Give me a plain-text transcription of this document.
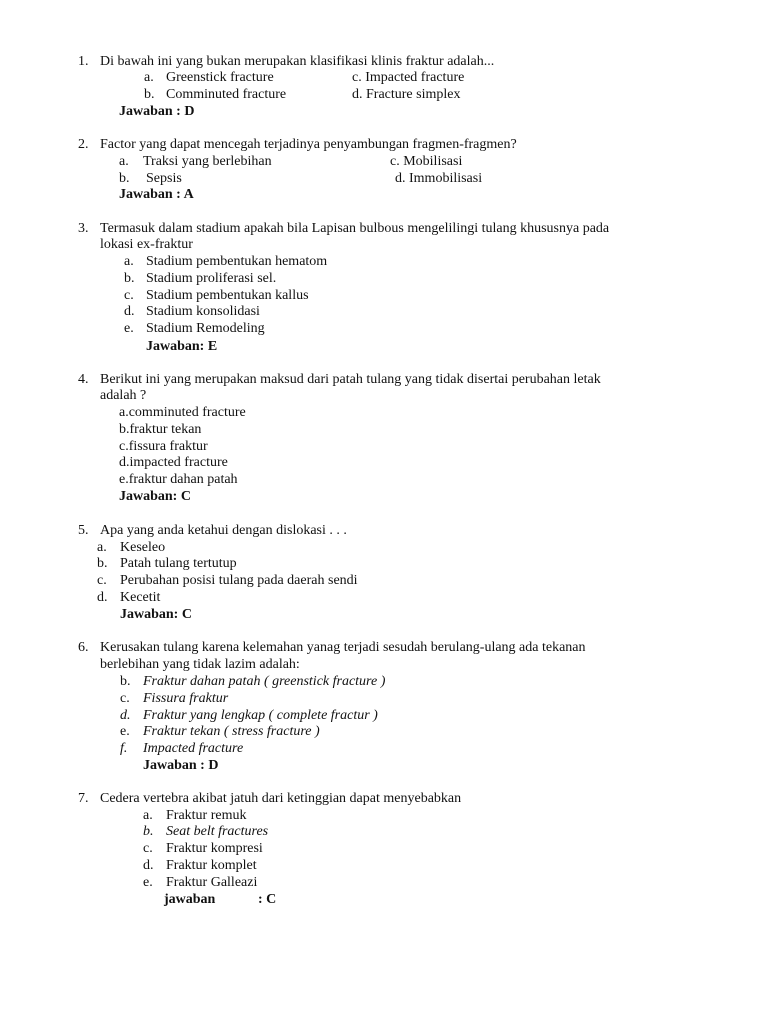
1. Di bawah ini yang bukan merupakan klasifikasi klinis fraktur adalah...
a. Greenstick fracture	c. Impacted fracture
b. Comminuted fracture	d. Fracture simplex
Jawaban : D
2. Factor yang dapat mencegah terjadinya penyambungan fragmen-fragmen?
a. Traksi yang berlebihan	c. Mobilisasi
b. Sepsis	d. Immobilisasi
Jawaban : A
3. Termasuk dalam stadium apakah bila Lapisan bulbous mengelilingi tulang khususnya pada
lokasi ex-fraktur
a. Stadium pembentukan hematom
b. Stadium proliferasi sel.
c. Stadium pembentukan kallus
d. Stadium konsolidasi
e. Stadium Remodeling
Jawaban: E
4. Berikut ini yang merupakan maksud dari patah tulang yang tidak disertai perubahan letak
adalah ?
a.comminuted fracture
b.fraktur tekan
c.fissura fraktur
d.impacted fracture
e.fraktur dahan patah
Jawaban: C
5. Apa yang anda ketahui dengan dislokasi . . .
a. Keseleo
b. Patah tulang tertutup
c. Perubahan posisi tulang pada daerah sendi
d. Kecetit
Jawaban: C
6. Kerusakan tulang karena kelemahan yanag terjadi sesudah berulang-ulang ada tekanan
berlebihan yang tidak lazim adalah:
b. Fraktur dahan patah ( greenstick fracture )
c. Fissura fraktur
d. Fraktur yang lengkap ( complete fractur )
e. Fraktur tekan ( stress fracture )
f. Impacted fracture
Jawaban : D
7. Cedera vertebra akibat jatuh dari ketinggian dapat menyebabkan
a. Fraktur remuk
b. Seat belt fractures
c. Fraktur kompresi
d. Fraktur komplet
e. Fraktur Galleazi
jawaban	: C
